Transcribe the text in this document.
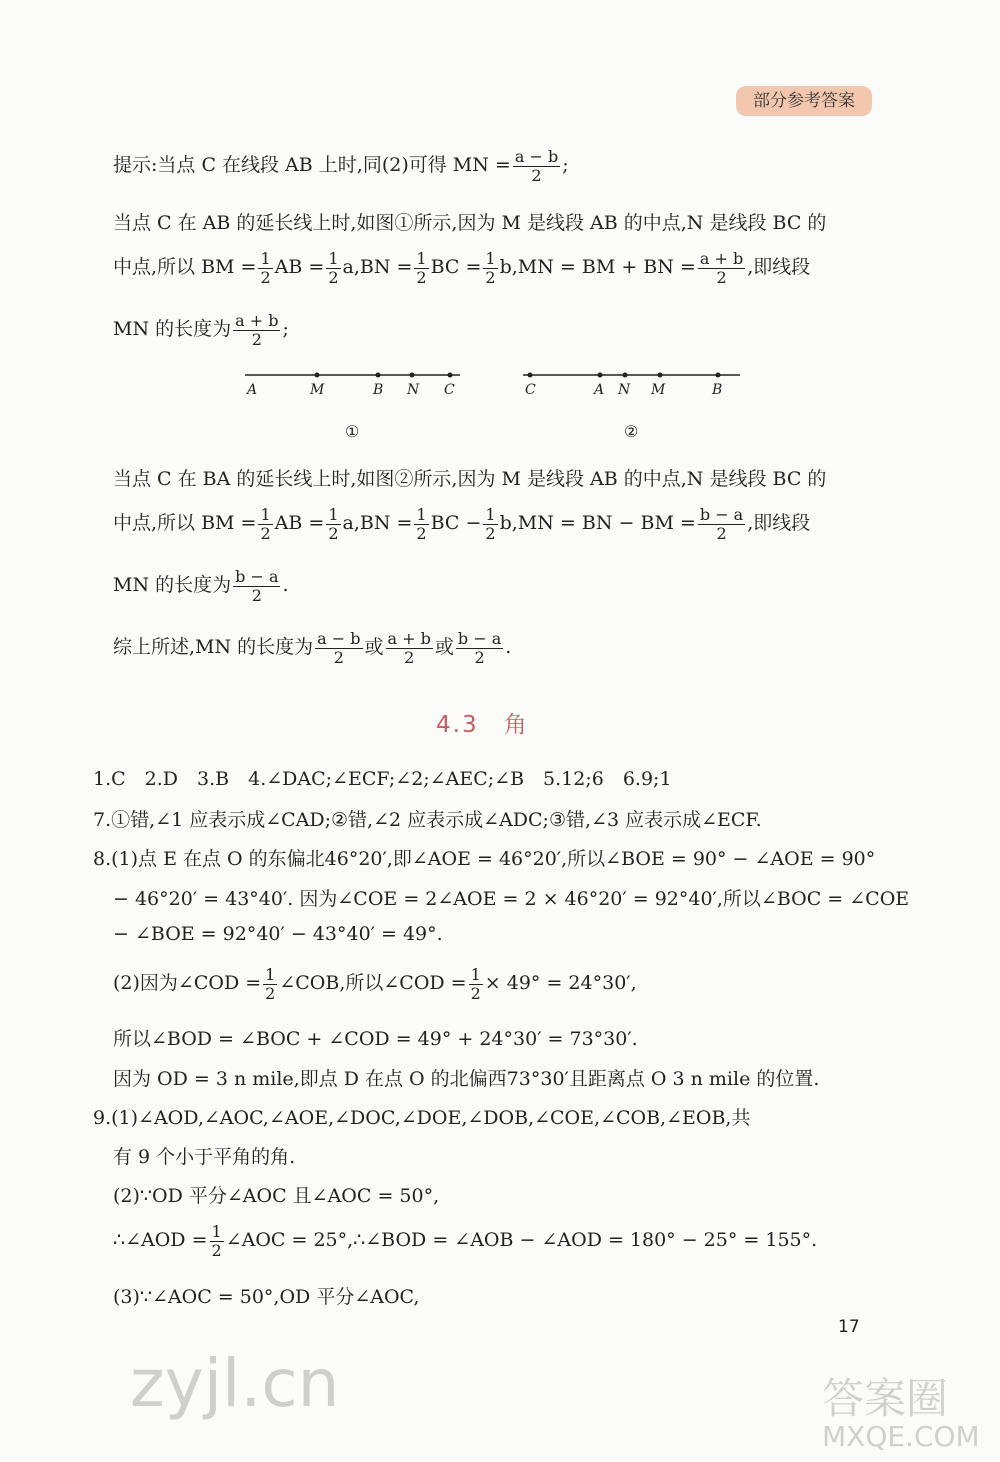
部分参考答案
提示:当点 C 在线段 AB 上时,同(2)可得 MN = $\frac{a - b}{2}$ ;
当点 C 在 AB 的延长线上时,如图①所示,因为 M 是线段 AB 的中点,N 是线段 BC 的
中点,所以 BM = $\frac{1}{2}$ AB = $\frac{1}{2} a,BN = \frac{1}{2}$ BC = $\frac{1}{2} b,MN$ = BM + BN = $\frac{a + b}{2}$ ,即线段
MN 的长度为 $\frac{a + b}{2}$ ;
A	M	B N C
①
C	A N M	B
②
当点 C 在 BA 的延长线上时,如图②所示,因为 M 是线段 AB 的中点,N 是线段 BC 的
中点,所以 BM = $\frac{1}{2}$ AB = $\frac{1}{2} a,BN = \frac{1}{2}$ BC − $\frac{1}{2} b,MN$ = BN − BM = $\frac{b - a}{2}$ ,即线段
MN 的长度为 $\frac{b - a}{2}$ .
综上所述,MN 的长度为 $\frac{a - b}{2}$ 或 $\frac{a + b}{2}$ 或 $\frac{b - a}{2}$ .
4.3　角
1.C　2.D　3.B　4.∠DAC;∠ECF;∠2;∠AEC;∠B　5.12;6　6.9;1
7.①错,∠1 应表示成∠CAD;②错,∠2 应表示成∠ADC;③错,∠3 应表示成∠ECF.
8.(1)点 E 在点 O 的东偏北46°20′,即∠AOE = 46°20′,所以∠BOE = 90° − ∠AOE = 90°
− 46°20′ = 43°40′. 因为∠COE = 2∠AOE = 2 × 46°20′ = 92°40′,所以∠BOC = ∠COE
− ∠BOE = 92°40′ − 43°40′ = 49°.
(2)因为∠COD = $\frac{1}{2}$ ∠COB,所以∠COD = $\frac{1}{2} \times 49^\circ = 24^\circ 30'$,
所以∠BOD = ∠BOC + ∠COD = 49° + 24°30′ = 73°30′.
因为 OD = 3 n mile,即点 D 在点 O 的北偏西73°30′且距离点 O 3 n mile 的位置.
9.(1)∠AOD,∠AOC,∠AOE,∠DOC,∠DOE,∠DOB,∠COE,∠COB,∠EOB,共
有 9 个小于平角的角.
(2)∵OD 平分∠AOC 且∠AOC = 50°,
∴∠AOD = $\frac{1}{2}$ ∠AOC = 25°,∴∠BOD = ∠AOB − ∠AOD = 180° − 25° = 155°.
(3)∵∠AOC = 50°,OD 平分∠AOC,
17
zyjl.cn	答案圈
MXQE.COM
